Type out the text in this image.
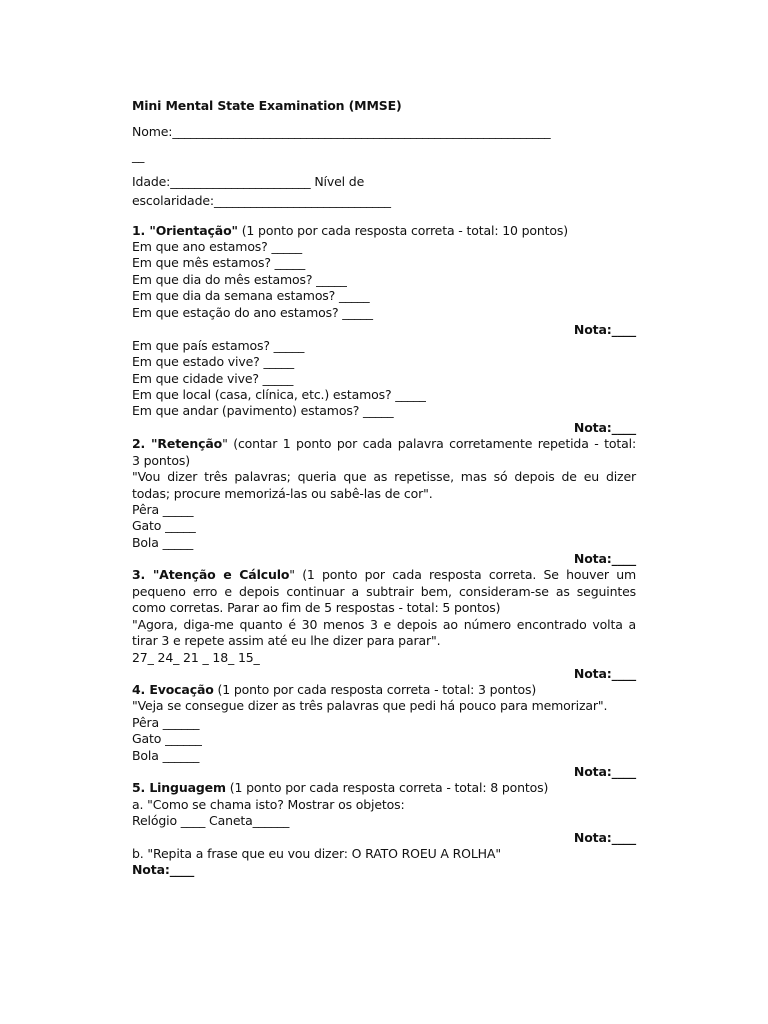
Mini Mental State Examination (MMSE)
Nome:______________________________________________________________
__
Idade:_______________________ Nível de
escolaridade:_____________________________
1. "Orientação" (1 ponto por cada resposta correta - total: 10 pontos)
Em que ano estamos? _____
Em que mês estamos? _____
Em que dia do mês estamos? _____
Em que dia da semana estamos? _____
Em que estação do ano estamos? _____
Nota:____
Em que país estamos? _____
Em que estado vive? _____
Em que cidade vive? _____
Em que local (casa, clínica, etc.) estamos? _____
Em que andar (pavimento) estamos? _____
Nota:____
2. "Retenção" (contar 1 ponto por cada palavra corretamente repetida - total:
3 pontos)
"Vou dizer três palavras; queria que as repetisse, mas só depois de eu dizer
todas; procure memorizá-las ou sabê-las de cor".
Pêra _____
Gato _____
Bola _____
Nota:____
3. "Atenção e Cálculo" (1 ponto por cada resposta correta. Se houver um
pequeno erro e depois continuar a subtrair bem, consideram-se as seguintes
como corretas. Parar ao fim de 5 respostas - total: 5 pontos)
"Agora, diga-me quanto é 30 menos 3 e depois ao número encontrado volta a
tirar 3 e repete assim até eu lhe dizer para parar".
27_ 24_ 21 _ 18_ 15_
Nota:____
4. Evocação (1 ponto por cada resposta correta - total: 3 pontos)
"Veja se consegue dizer as três palavras que pedi há pouco para memorizar".
Pêra ______
Gato ______
Bola ______
Nota:____
5. Linguagem (1 ponto por cada resposta correta - total: 8 pontos)
a. "Como se chama isto? Mostrar os objetos:
Relógio ____ Caneta______
Nota:____
b. "Repita a frase que eu vou dizer: O RATO ROEU A ROLHA"
Nota:____
